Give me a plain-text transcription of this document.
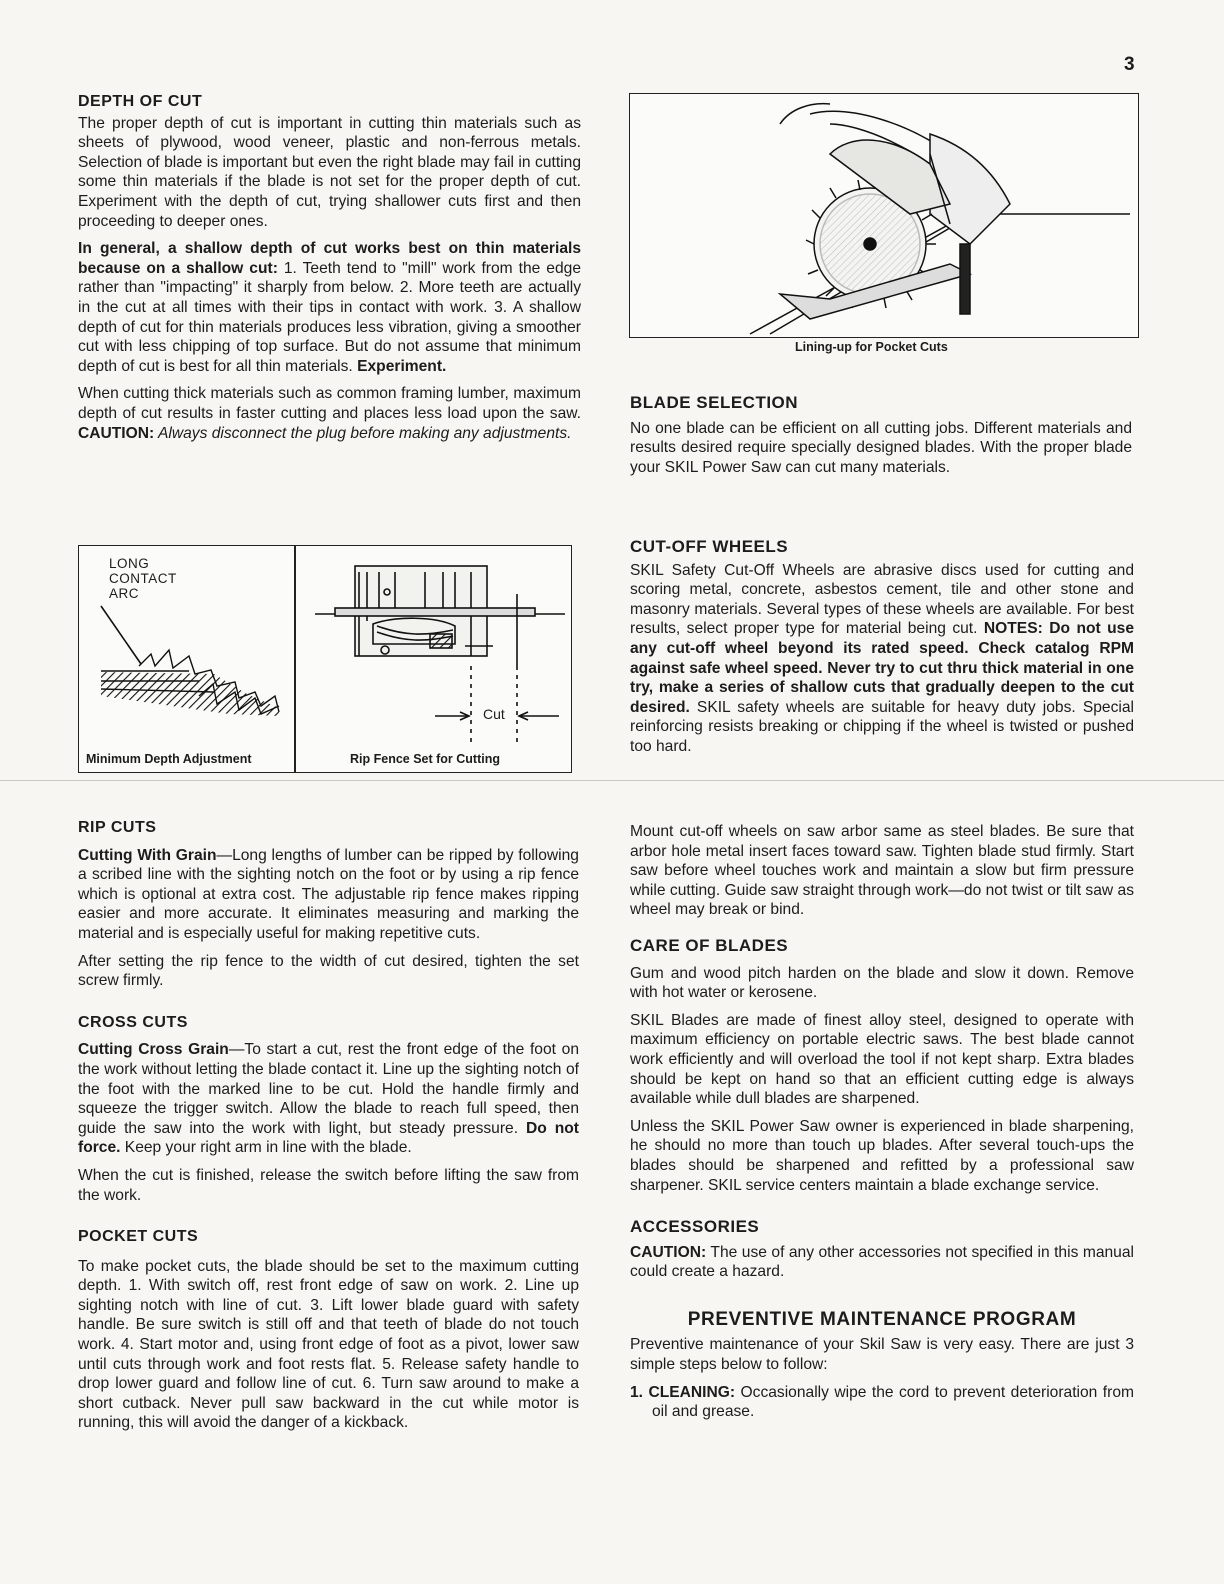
3
DEPTH OF CUT

The proper depth of cut is important in cutting thin materials such as sheets of plywood, wood veneer, plastic and non-ferrous metals. Selection of blade is important but even the right blade may fail in cutting some thin materials if the blade is not set for the proper depth of cut. Experiment with the depth of cut, trying shallower cuts first and then proceeding to deeper ones.

In general, a shallow depth of cut works best on thin materials because on a shallow cut: 1. Teeth tend to "mill" work from the edge rather than "impacting" it sharply from below. 2. More teeth are actually in the cut at all times with their tips in contact with work. 3. A shallow depth of cut for thin materials produces less vibration, giving a smoother cut with less chipping of top surface. But do not assume that minimum depth of cut is best for all thin materials. Experiment.

When cutting thick materials such as common framing lumber, maximum depth of cut results in faster cutting and places less load upon the saw. CAUTION: Always disconnect the plug before making any adjustments.

LONG
CONTACT
ARC
Cut
Minimum Depth Adjustment	Rip Fence Set for Cutting
RIP CUTS

Cutting With Grain—Long lengths of lumber can be ripped by following a scribed line with the sighting notch on the foot or by using a rip fence which is optional at extra cost. The adjustable rip fence makes ripping easier and more accurate. It eliminates measuring and marking the material and is especially useful for making repetitive cuts.

After setting the rip fence to the width of cut desired, tighten the set screw firmly.

CROSS CUTS

Cutting Cross Grain—To start a cut, rest the front edge of the foot on the work without letting the blade contact it. Line up the sighting notch of the foot with the marked line to be cut. Hold the handle firmly and squeeze the trigger switch. Allow the blade to reach full speed, then guide the saw into the work with light, but steady pressure. Do not force. Keep your right arm in line with the blade.

When the cut is finished, release the switch before lifting the saw from the work.

POCKET CUTS

To make pocket cuts, the blade should be set to the maximum cutting depth. 1. With switch off, rest front edge of saw on work. 2. Line up sighting notch with line of cut. 3. Lift lower blade guard with safety handle. Be sure switch is still off and that teeth of blade do not touch work. 4. Start motor and, using front edge of foot as a pivot, lower saw until cuts through work and foot rests flat. 5. Release safety handle to drop lower guard and follow line of cut. 6. Turn saw around to make a short cutback. Never pull saw backward in the cut while motor is running, this will avoid the danger of a kickback.

Lining-up for Pocket Cuts
BLADE SELECTION

No one blade can be efficient on all cutting jobs. Different materials and results desired require specially designed blades. With the proper blade your SKIL Power Saw can cut many materials.

CUT-OFF WHEELS

SKIL Safety Cut-Off Wheels are abrasive discs used for cutting and scoring metal, concrete, asbestos cement, tile and other stone and masonry materials. Several types of these wheels are available. For best results, select proper type for material being cut. NOTES: Do not use any cut-off wheel beyond its rated speed. Check catalog RPM against safe wheel speed. Never try to cut thru thick material in one try, make a series of shallow cuts that gradually deepen to the cut desired. SKIL safety wheels are suitable for heavy duty jobs. Special reinforcing resists breaking or chipping if the wheel is twisted or pushed too hard.

Mount cut-off wheels on saw arbor same as steel blades. Be sure that arbor hole metal insert faces toward saw. Tighten blade stud firmly. Start saw before wheel touches work and maintain a slow but firm pressure while cutting. Guide saw straight through work—do not twist or tilt saw as wheel may break or bind.

CARE OF BLADES

Gum and wood pitch harden on the blade and slow it down. Remove with hot water or kerosene.

SKIL Blades are made of finest alloy steel, designed to operate with maximum efficiency on portable electric saws. The best blade cannot work efficiently and will overload the tool if not kept sharp. Extra blades should be kept on hand so that an efficient cutting edge is always available while dull blades are sharpened.

Unless the SKIL Power Saw owner is experienced in blade sharpening, he should no more than touch up blades. After several touch-ups the blades should be sharpened and refitted by a professional saw sharpener. SKIL service centers maintain a blade exchange service.

ACCESSORIES

CAUTION: The use of any other accessories not specified in this manual could create a hazard.

PREVENTIVE MAINTENANCE PROGRAM

Preventive maintenance of your Skil Saw is very easy. There are just 3 simple steps below to follow:

1. CLEANING: Occasionally wipe the cord to prevent deterioration from oil and grease.
